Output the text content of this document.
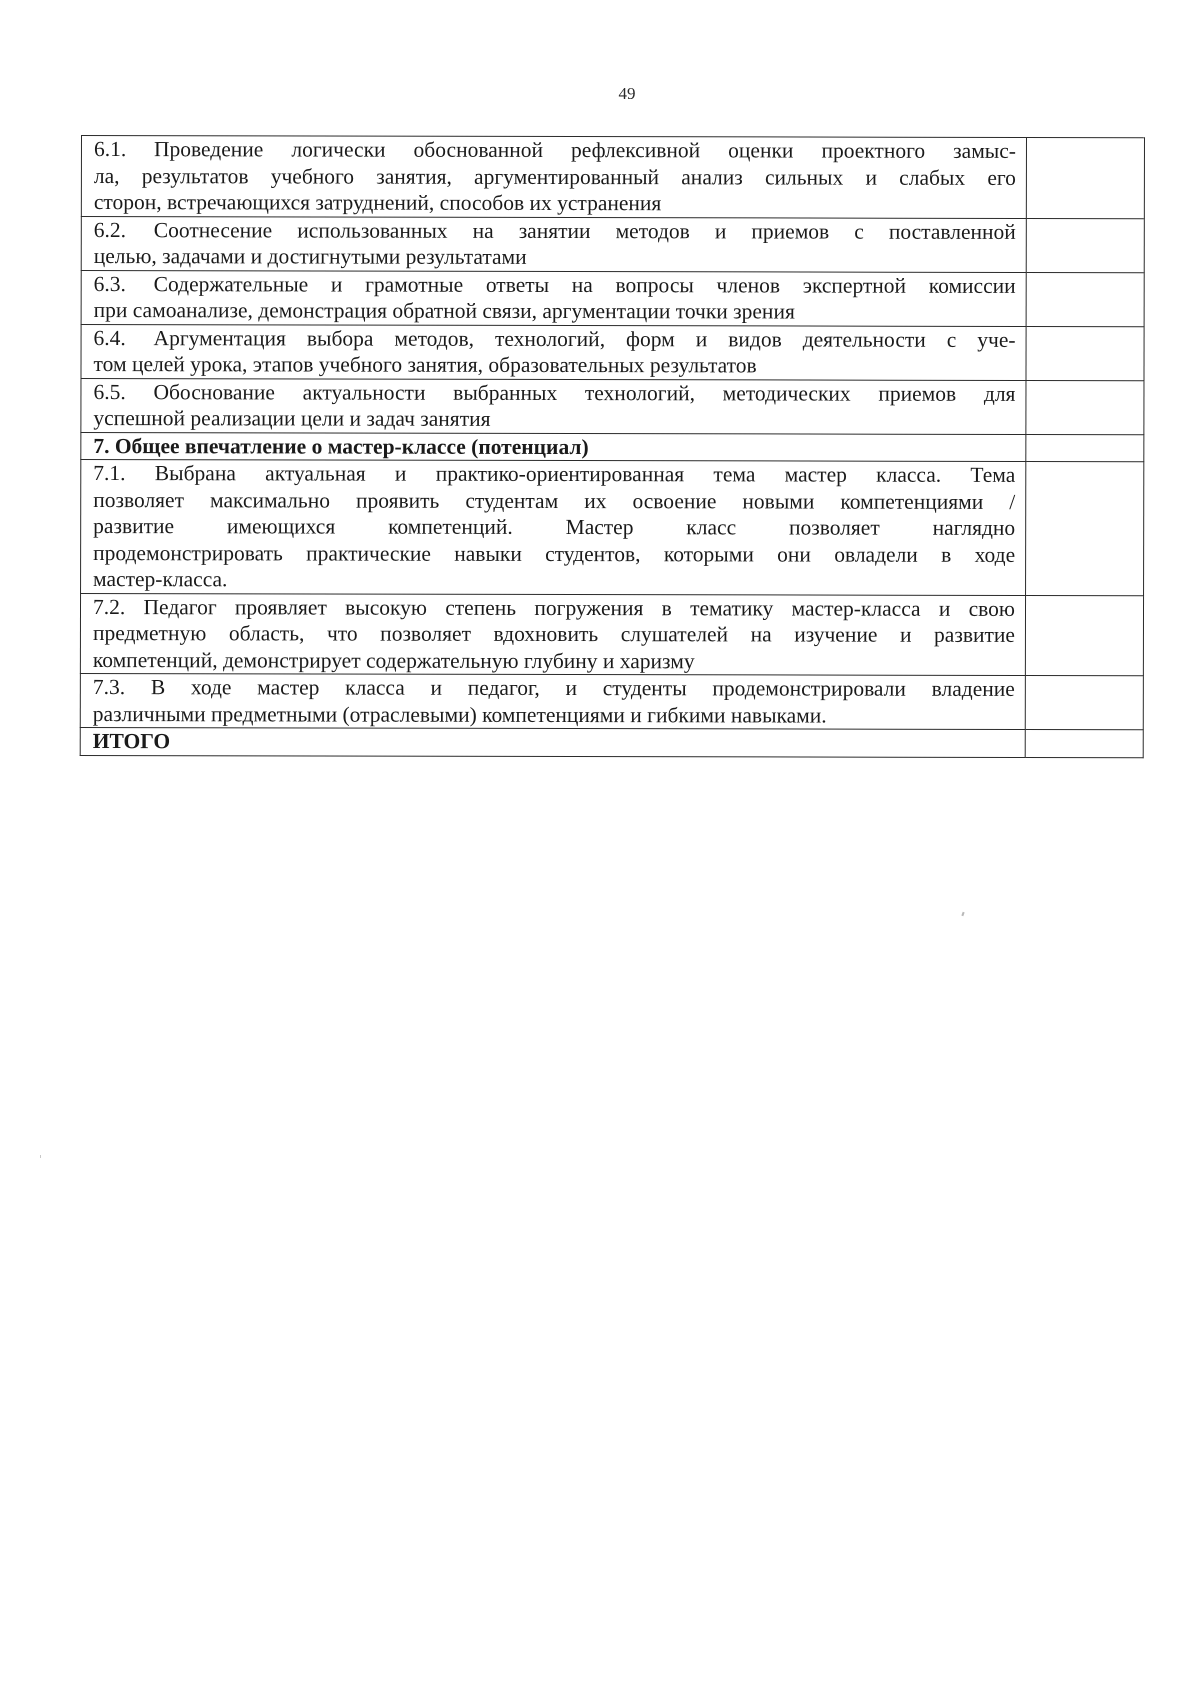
49
6.1. Проведение логически обоснованной рефлексивной оценки проектного замыс-
ла, результатов учебного занятия, аргументированный анализ сильных и слабых его
сторон, встречающихся затруднений, способов их устранения	

6.2. Соотнесение использованных на занятии методов и приемов с поставленной
целью, задачами и достигнутыми результатами	

6.3. Содержательные и грамотные ответы на вопросы членов экспертной комиссии
при самоанализе, демонстрация обратной связи, аргументации точки зрения	

6.4. Аргументация выбора методов, технологий, форм и видов деятельности с уче-
том целей урока, этапов учебного занятия, образовательных результатов	

6.5. Обоснование актуальности выбранных технологий, методических приемов для
успешной реализации цели и задач занятия	

7. Общее впечатление о мастер-классе (потенциал)	

7.1. Выбрана актуальная и практико-ориентированная тема мастер класса. Тема
позволяет максимально проявить студентам их освоение новыми компетенциями /
развитие имеющихся компетенций. Мастер класс позволяет наглядно
продемонстрировать практические навыки студентов, которыми они овладели в ходе
мастер-класса.	

7.2. Педагог проявляет высокую степень погружения в тематику мастер-класса и свою
предметную область, что позволяет вдохновить слушателей на изучение и развитие
компетенций, демонстрирует содержательную глубину и харизму	

7.3. В ходе мастер класса и педагог, и студенты продемонстрировали владение
различными предметными (отраслевыми) компетенциями и гибкими навыками.	

ИТОГО	
